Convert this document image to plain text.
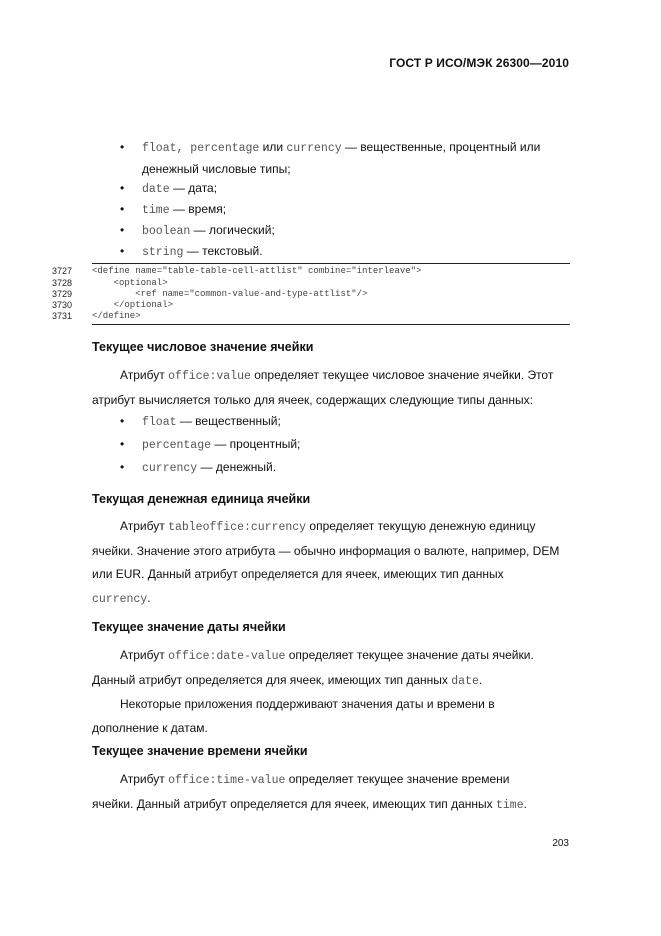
ГОСТ Р ИСО/МЭК 26300—2010
• float, percentage или currency — вещественные, процентный или
денежный числовые типы;
• date — дата;
• time — время;
• boolean — логический;
• string — текстовый.
3727
3728
3729
3730
3731
<define name="table-table-cell-attlist" combine="interleave">
<optional>
<ref name="common-value-and-type-attlist"/>
</optional>
</define>
Текущее числовое значение ячейки
Атрибут office:value определяет текущее числовое значение ячейки. Этот
атрибут вычисляется только для ячеек, содержащих следующие типы данных:
• float — вещественный;
• percentage — процентный;
• currency — денежный.
Текущая денежная единица ячейки
Атрибут tableoffice:currency определяет текущую денежную единицу
ячейки. Значение этого атрибута — обычно информация о валюте, например, DEM
или EUR. Данный атрибут определяется для ячеек, имеющих тип данных
currency.
Текущее значение даты ячейки
Атрибут office:date-value определяет текущее значение даты ячейки.
Данный атрибут определяется для ячеек, имеющих тип данных date.
Некоторые приложения поддерживают значения даты и времени в
дополнение к датам.
Текущее значение времени ячейки
Атрибут office:time-value определяет текущее значение времени
ячейки. Данный атрибут определяется для ячеек, имеющих тип данных time.
203
